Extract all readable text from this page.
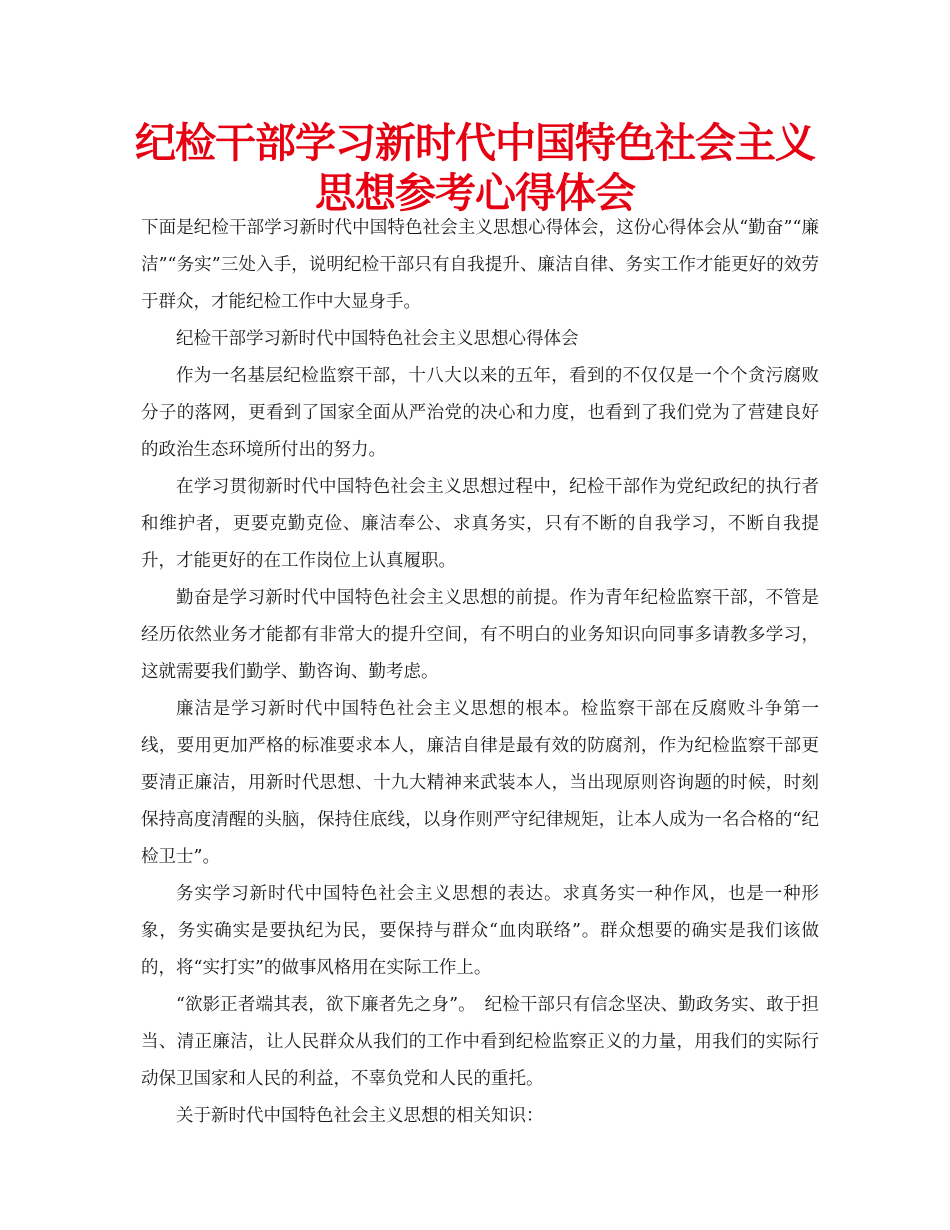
纪检干部学习新时代中国特色社会主义思想参考心得体会

下面是纪检干部学习新时代中国特色社会主义思想心得体会，这份心得体会从“勤奋”“廉洁”“务实”三处入手，说明纪检干部只有自我提升、廉洁自律、务实工作才能更好的效劳于群众，才能纪检工作中大显身手。

纪检干部学习新时代中国特色社会主义思想心得体会

作为一名基层纪检监察干部，十八大以来的五年，看到的不仅仅是一个个贪污腐败分子的落网，更看到了国家全面从严治党的决心和力度，也看到了我们党为了营建良好的政治生态环境所付出的努力。

在学习贯彻新时代中国特色社会主义思想过程中，纪检干部作为党纪政纪的执行者和维护者，更要克勤克俭、廉洁奉公、求真务实，只有不断的自我学习，不断自我提升，才能更好的在工作岗位上认真履职。

勤奋是学习新时代中国特色社会主义思想的前提。作为青年纪检监察干部，不管是经历依然业务才能都有非常大的提升空间，有不明白的业务知识向同事多请教多学习，这就需要我们勤学、勤咨询、勤考虑。

廉洁是学习新时代中国特色社会主义思想的根本。检监察干部在反腐败斗争第一线，要用更加严格的标准要求本人，廉洁自律是最有效的防腐剂，作为纪检监察干部更要清正廉洁，用新时代思想、十九大精神来武装本人，当出现原则咨询题的时候，时刻保持高度清醒的头脑，保持住底线，以身作则严守纪律规矩，让本人成为一名合格的“纪检卫士”。

务实学习新时代中国特色社会主义思想的表达。求真务实一种作风，也是一种形象，务实确实是要执纪为民，要保持与群众“血肉联络”。群众想要的确实是我们该做的，将“实打实”的做事风格用在实际工作上。

“欲影正者端其表，欲下廉者先之身”。　纪检干部只有信念坚决、勤政务实、敢于担当、清正廉洁，让人民群众从我们的工作中看到纪检监察正义的力量，用我们的实际行动保卫国家和人民的利益，不辜负党和人民的重托。

关于新时代中国特色社会主义思想的相关知识：
